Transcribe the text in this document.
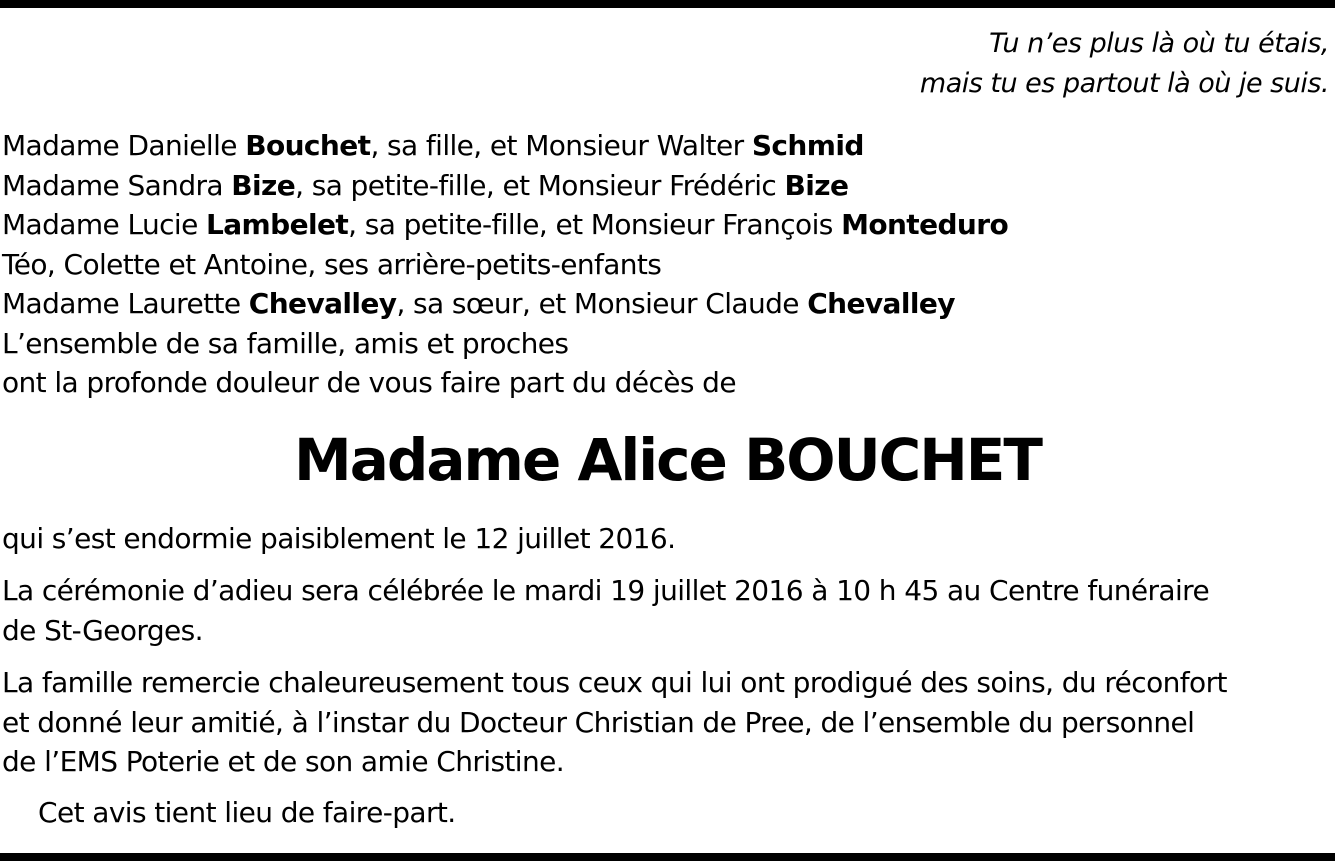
Tu n’es plus là où tu étais,
mais tu es partout là où je suis.
Madame Danielle Bouchet, sa fille, et Monsieur Walter Schmid
Madame Sandra Bize, sa petite-fille, et Monsieur Frédéric Bize
Madame Lucie Lambelet, sa petite-fille, et Monsieur François Monteduro
Téo, Colette et Antoine, ses arrière-petits-enfants
Madame Laurette Chevalley, sa sœur, et Monsieur Claude Chevalley
L’ensemble de sa famille, amis et proches
ont la profonde douleur de vous faire part du décès de
Madame Alice BOUCHET
qui s’est endormie paisiblement le 12 juillet 2016.
La cérémonie d’adieu sera célébrée le mardi 19 juillet 2016 à 10 h 45 au Centre funéraire
de St-Georges.
La famille remercie chaleureusement tous ceux qui lui ont prodigué des soins, du réconfort
et donné leur amitié, à l’instar du Docteur Christian de Pree, de l’ensemble du personnel
de l’EMS Poterie et de son amie Christine.
Cet avis tient lieu de faire-part.
